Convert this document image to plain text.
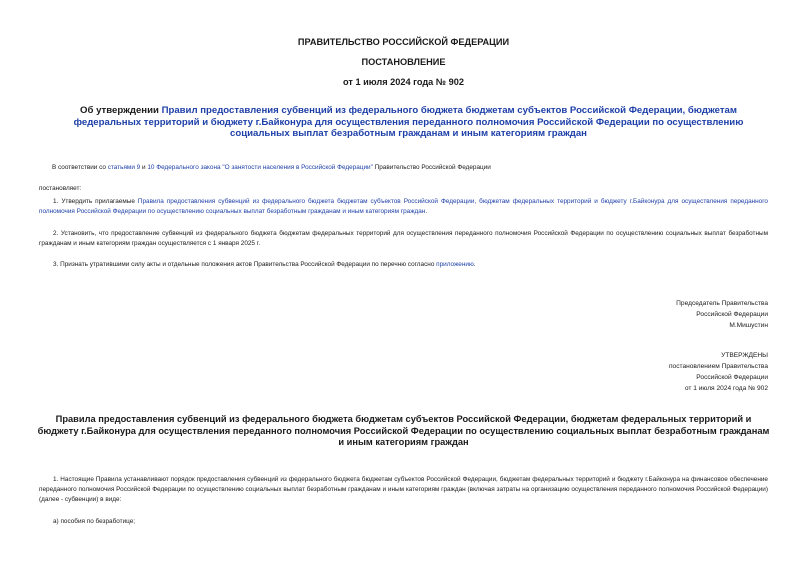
ПРАВИТЕЛЬСТВО РОССИЙСКОЙ ФЕДЕРАЦИИ
ПОСТАНОВЛЕНИЕ
от 1 июля 2024 года № 902
Об утверждении Правил предоставления субвенций из федерального бюджета бюджетам субъектов Российской Федерации, бюджетам федеральных территорий и бюджету г.Байконура для осуществления переданного полномочия Российской Федерации по осуществлению социальных выплат безработным гражданам и иным категориям граждан
В соответствии со статьями 9 и 10 Федерального закона "О занятости населения в Российской Федерации" Правительство Российской Федерации
постановляет:
1. Утвердить прилагаемые Правила предоставления субвенций из федерального бюджета бюджетам субъектов Российской Федерации, бюджетам федеральных территорий и бюджету г.Байконура для осуществления переданного полномочия Российской Федерации по осуществлению социальных выплат безработным гражданам и иным категориям граждан.
2. Установить, что предоставление субвенций из федерального бюджета бюджетам федеральных территорий для осуществления переданного полномочия Российской Федерации по осуществлению социальных выплат безработным гражданам и иным категориям граждан осуществляется с 1 января 2025 г.
3. Признать утратившими силу акты и отдельные положения актов Правительства Российской Федерации по перечню согласно приложению.
Председатель Правительства
Российской Федерации
М.Мишустин
УТВЕРЖДЕНЫ
постановлением Правительства
Российской Федерации
от 1 июля 2024 года № 902
Правила предоставления субвенций из федерального бюджета бюджетам субъектов Российской Федерации, бюджетам федеральных территорий и бюджету г.Байконура для осуществления переданного полномочия Российской Федерации по осуществлению социальных выплат безработным гражданам и иным категориям граждан
1. Настоящие Правила устанавливают порядок предоставления субвенций из федерального бюджета бюджетам субъектов Российской Федерации, бюджетам федеральных территорий и бюджету г.Байконура на финансовое обеспечение переданного полномочия Российской Федерации по осуществлению социальных выплат безработным гражданам и иным категориям граждан (включая затраты на организацию осуществления переданного полномочия Российской Федерации) (далее - субвенции) в виде:
а) пособия по безработице;
